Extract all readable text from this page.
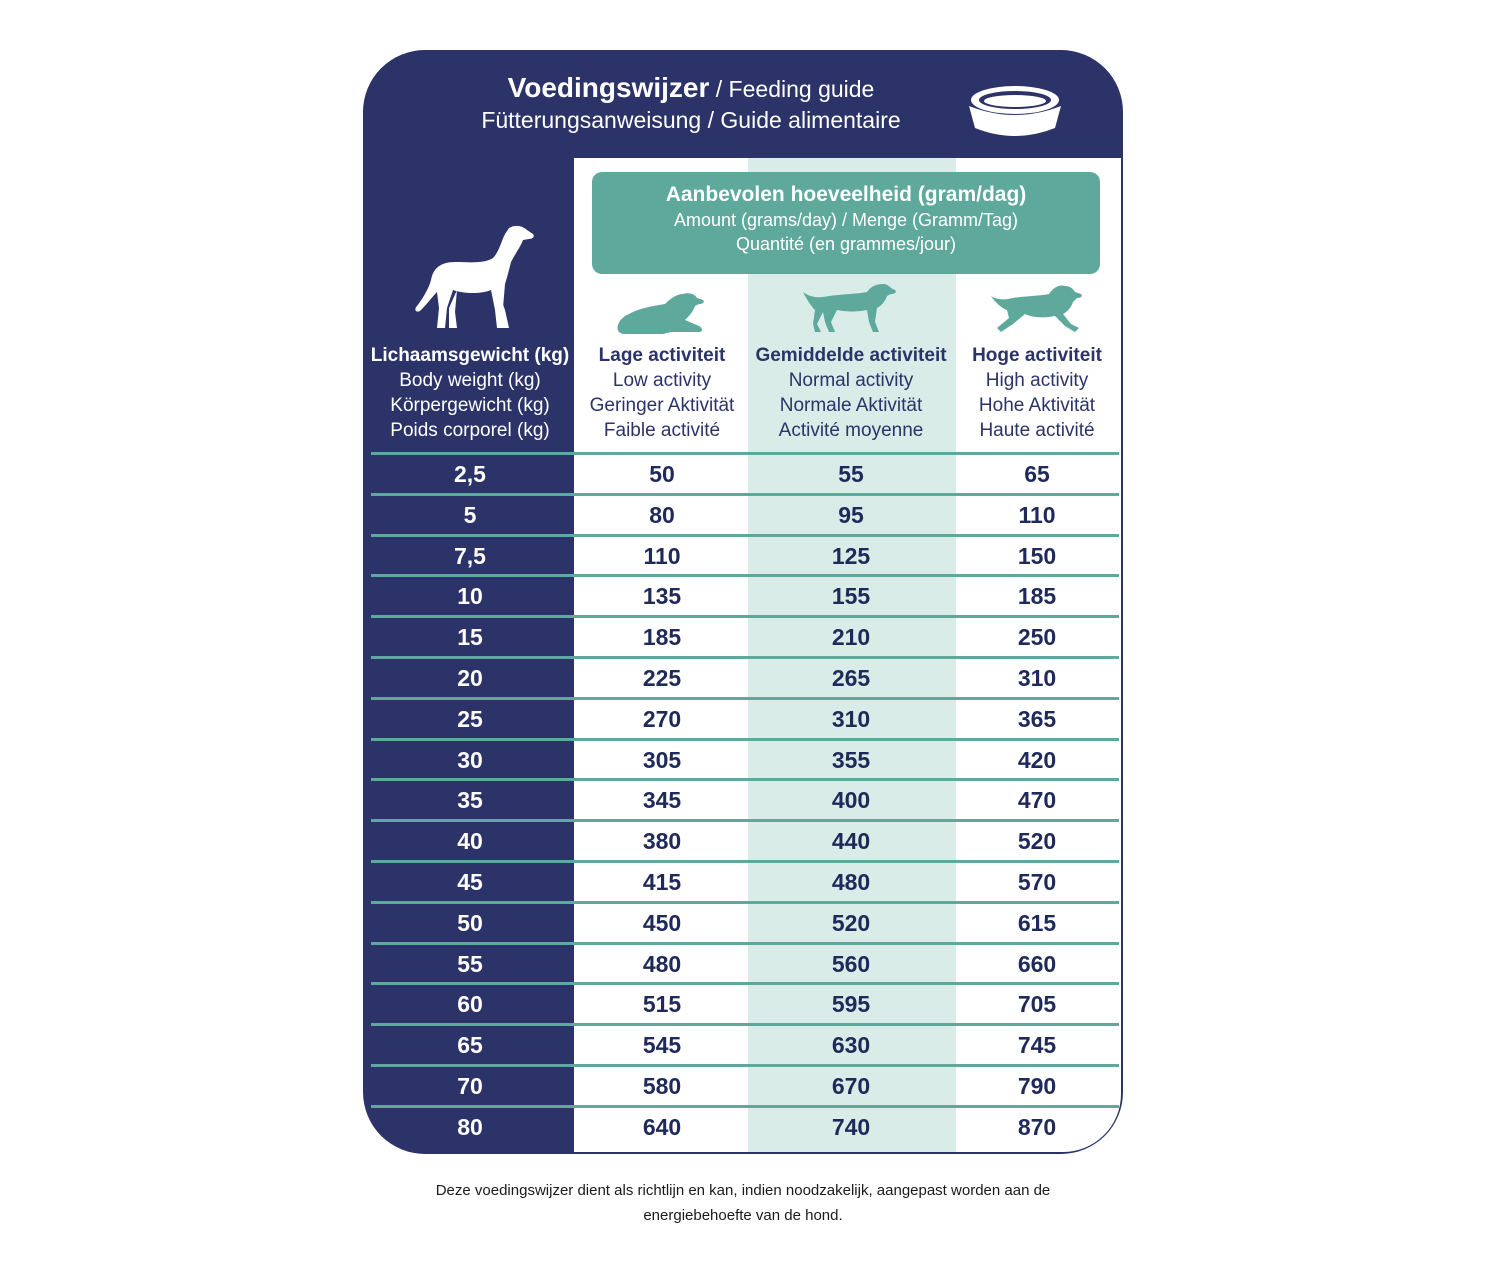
Voedingswijzer / Feeding guide
Fütterungsanweisung / Guide alimentaire
Aanbevolen hoeveelheid (gram/dag)
Amount (grams/day) / Menge (Gramm/Tag)
Quantité (en grammes/jour)
Lichaamsgewicht (kg)
Body weight (kg)
Körpergewicht (kg)
Poids corporel (kg)
Lage activiteit
Low activity
Geringer Aktivität
Faible activité
Gemiddelde activiteit
Normal activity
Normale Aktivität
Activité moyenne
Hoge activiteit
High activity
Hohe Aktivität
Haute activité
2,5	50	55	65
5	80	95	110
7,5	110	125	150
10	135	155	185
15	185	210	250
20	225	265	310
25	270	310	365
30	305	355	420
35	345	400	470
40	380	440	520
45	415	480	570
50	450	520	615
55	480	560	660
60	515	595	705
65	545	630	745
70	580	670	790
80	640	740	870
Deze voedingswijzer dient als richtlijn en kan, indien noodzakelijk, aangepast worden aan de
energiebehoefte van de hond.
